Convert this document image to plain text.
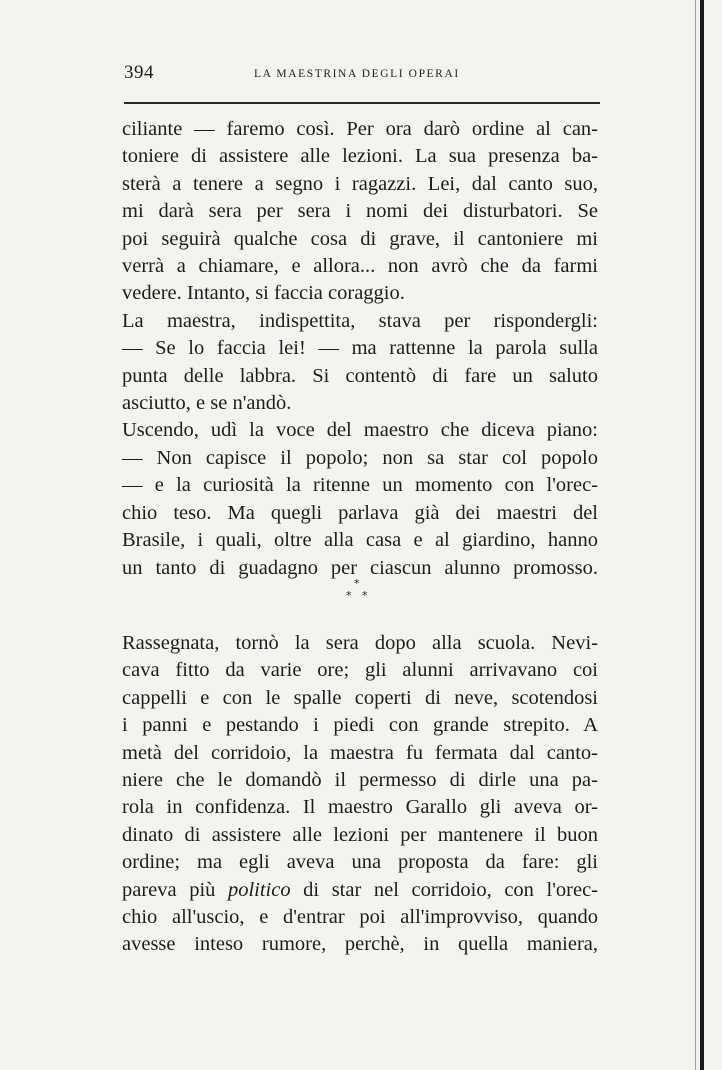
394	LA MAESTRINA DEGLI OPERAI
ciliante — faremo così. Per ora darò ordine al can-
toniere di assistere alle lezioni. La sua presenza ba-
sterà a tenere a segno i ragazzi. Lei, dal canto suo,
mi darà sera per sera i nomi dei disturbatori. Se
poi seguirà qualche cosa di grave, il cantoniere mi
verrà a chiamare, e allora... non avrò che da farmi
vedere. Intanto, si faccia coraggio.
La maestra, indispettita, stava per rispondergli:
— Se lo faccia lei! — ma rattenne la parola sulla
punta delle labbra. Si contentò di fare un saluto
asciutto, e se n'andò.
Uscendo, udì la voce del maestro che diceva piano:
— Non capisce il popolo; non sa star col popolo
— e la curiosità la ritenne un momento con l'orec-
chio teso. Ma quegli parlava già dei maestri del
Brasile, i quali, oltre alla casa e al giardino, hanno
un tanto di guadagno per ciascun alunno promosso.
*
* *
Rassegnata, tornò la sera dopo alla scuola. Nevi-
cava fitto da varie ore; gli alunni arrivavano coi
cappelli e con le spalle coperti di neve, scotendosi
i panni e pestando i piedi con grande strepito. A
metà del corridoio, la maestra fu fermata dal canto-
niere che le domandò il permesso di dirle una pa-
rola in confidenza. Il maestro Garallo gli aveva or-
dinato di assistere alle lezioni per mantenere il buon
ordine; ma egli aveva una proposta da fare: gli
pareva più politico di star nel corridoio, con l'orec-
chio all'uscio, e d'entrar poi all'improvviso, quando
avesse inteso rumore, perchè, in quella maniera,
